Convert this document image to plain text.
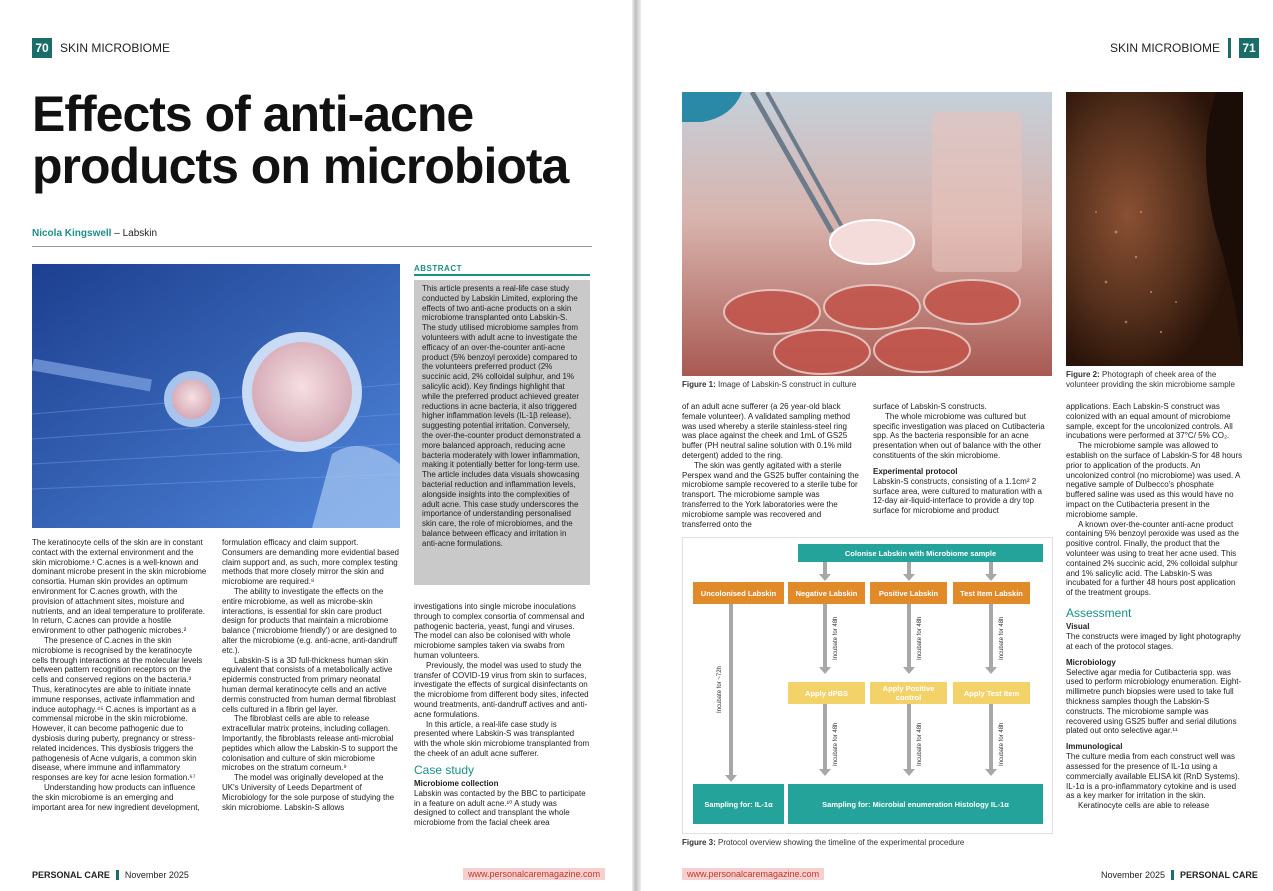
70 SKIN MICROBIOME
Effects of anti-acne products on microbiota
Nicola Kingswell – Labskin
ABSTRACT

This article presents a real-life case study conducted by Labskin Limited, exploring the effects of two anti-acne products on a skin microbiome transplanted onto Labskin-S. The study utilised microbiome samples from volunteers with adult acne to investigate the efficacy of an over-the-counter anti-acne product (5% benzoyl peroxide) compared to the volunteers preferred product (2% succinic acid, 2% colloidal sulphur, and 1% salicylic acid). Key findings highlight that while the preferred product achieved greater reductions in acne bacteria, it also triggered higher inflammation levels (IL-1β release), suggesting potential irritation. Conversely, the over-the-counter product demonstrated a more balanced approach, reducing acne bacteria moderately with lower inflammation, making it potentially better for long-term use. The article includes data visuals showcasing bacterial reduction and inflammation levels, alongside insights into the complexities of adult acne. This case study underscores the importance of understanding personalised skin care, the role of microbiomes, and the balance between efficacy and irritation in anti-acne formulations.

The keratinocyte cells of the skin are in constant contact with the external environment and the skin microbiome.¹ C.acnes is a well-known and dominant microbe present in the skin microbiome consortia. Human skin provides an optimum environment for C.acnes growth, with the provision of attachment sites, moisture and nutrients, and an ideal temperature to proliferate. In return, C.acnes can provide a hostile environment to other pathogenic microbes.²

The presence of C.acnes in the skin microbiome is recognised by the keratinocyte cells through interactions at the molecular levels between pattern recognition receptors on the cells and conserved regions on the bacteria.³ Thus, keratinocytes are able to initiate innate immune responses, activate inflammation and induce autophagy.⁴⁵ C.acnes is important as a commensal microbe in the skin microbiome. However, it can become pathogenic due to dysbiosis during puberty, pregnancy or stress-related incidences. This dysbiosis triggers the pathogenesis of Acne vulgaris, a common skin disease, where immune and inflammatory responses are key for acne lesion formation.⁶⁷

Understanding how products can influence the skin microbiome is an emerging and important area for new ingredient development,

formulation efficacy and claim support. Consumers are demanding more evidential based claim support and, as such, more complex testing methods that more closely mirror the skin and microbiome are required.⁸

The ability to investigate the effects on the entire microbiome, as well as microbe-skin interactions, is essential for skin care product design for products that maintain a microbiome balance ('microbiome friendly') or are designed to alter the microbiome (e.g. anti-acne, anti-dandruff etc.).

Labskin-S is a 3D full-thickness human skin equivalent that consists of a metabolically active epidermis constructed from primary neonatal human dermal keratinocyte cells and an active dermis constructed from human dermal fibroblast cells cultured in a fibrin gel layer.

The fibroblast cells are able to release extracellular matrix proteins, including collagen. Importantly, the fibroblasts release anti-microbial peptides which allow the Labskin-S to support the colonisation and culture of skin microbiome microbes on the stratum corneum.⁹

The model was originally developed at the UK's University of Leeds Department of Microbiology for the sole purpose of studying the skin microbiome. Labskin-S allows

investigations into single microbe inoculations through to complex consortia of commensal and pathogenic bacteria, yeast, fungi and viruses. The model can also be colonised with whole microbiome samples taken via swabs from human volunteers.

Previously, the model was used to study the transfer of COVID-19 virus from skin to surfaces, investigate the effects of surgical disinfectants on the microbiome from different body sites, infected wound treatments, anti-dandruff actives and anti-acne formulations.

In this article, a real-life case study is presented where Labskin-S was transplanted with the whole skin microbiome transplanted from the cheek of an adult acne sufferer.

Case study
Microbiome collection

Labskin was contacted by the BBC to participate in a feature on adult acne.¹⁰ A study was designed to collect and transplant the whole microbiome from the facial cheek area

PERSONAL CARE November 2025	www.personalcaremagazine.com
SKIN MICROBIOME 71
Figure 1: Image of Labskin-S construct in culture
Figure 2: Photograph of cheek area of the volunteer providing the skin microbiome sample

of an adult acne sufferer (a 26 year-old black female volunteer). A validated sampling method was used whereby a sterile stainless-steel ring was place against the cheek and 1mL of GS25 buffer (PH neutral saline solution with 0.1% mild detergent) added to the ring.

The skin was gently agitated with a sterile Perspex wand and the GS25 buffer containing the microbiome sample recovered to a sterile tube for transport. The microbiome sample was transferred to the York laboratories were the microbiome sample was recovered and transferred onto the

surface of Labskin-S constructs.

The whole microbiome was cultured but specific investigation was placed on Cutibacteria spp. As the bacteria responsible for an acne presentation when out of balance with the other constituents of the skin microbiome.

Experimental protocol

Labskin-S constructs, consisting of a 1.1cm² 2 surface area, were cultured to maturation with a 12-day air-liquid-interface to provide a dry top surface for microbiome and product

applications. Each Labskin-S construct was colonized with an equal amount of microbiome sample, except for the uncolonized controls. All incubations were performed at 37°C/ 5% CO₂.

The microbiome sample was allowed to establish on the surface of Labskin-S for 48 hours prior to application of the products. An uncolonized control (no microbiome) was used. A negative sample of Dulbecco's phosphate buffered saline was used as this would have no impact on the Cutibacteria present in the microbiome sample.

A known over-the-counter anti-acne product containing 5% benzoyl peroxide was used as the positive control. Finally, the product that the volunteer was using to treat her acne used. This contained 2% succinic acid, 2% colloidal sulphur and 1% salicylic acid. The Labskin-S was incubated for a further 48 hours post application of the treatment groups.

Assessment
Visual

The constructs were imaged by light photography at each of the protocol stages.

Microbiology

Selective agar media for Cutibacteria spp. was used to perform microbiology enumeration. Eight-millimetre punch biopsies were used to take full thickness samples though the Labskin-S constructs. The microbiome sample was recovered using GS25 buffer and serial dilutions plated out onto selective agar.¹¹

Immunological

The culture media from each construct well was assessed for the presence of IL-1α using a commercially available ELISA kit (RnD Systems). IL-1α is a pro-inflammatory cytokine and is used as a key marker for irritation in the skin.

Keratinocyte cells are able to release

Colonise Labskin with Microbiome sample
Uncolonised Labskin	Negative Labskin	Positive Labskin	Test Item Labskin
Incubate for ~72h
Incubate for 48h	Incubate for 48h	Incubate for 48h
Apply dPBS	Apply Positive control	Apply Test Item
Incubate for 48h	Incubate for 48h	Incubate for 48h
Sampling for: IL-1α	Sampling for: Microbial enumeration Histology IL-1α
Figure 3: Protocol overview showing the timeline of the experimental procedure
www.personalcaremagazine.com	November 2025 PERSONAL CARE
